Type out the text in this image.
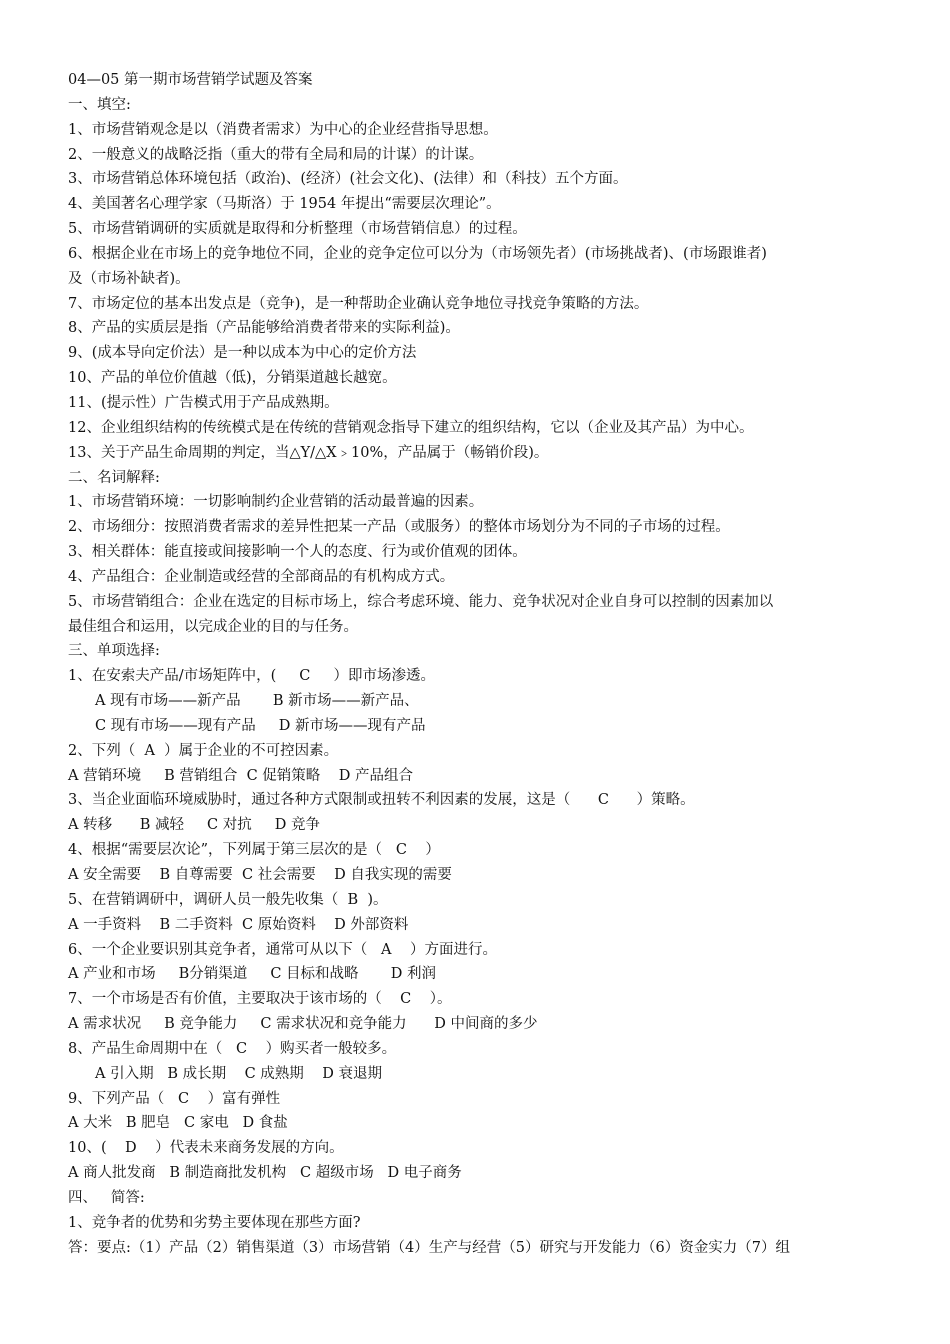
04—05 第一期市场营销学试题及答案
一、填空:
1、市场营销观念是以（消费者需求）为中心的企业经营指导思想。
2、一般意义的战略泛指（重大的带有全局和局的计谋）的计谋。
3、市场营销总体环境包括（政治)、(经济）(社会文化)、(法律）和（科技）五个方面。
4、美国著名心理学家（马斯洛）于 1954 年提出“需要层次理论”。
5、市场营销调研的实质就是取得和分析整理（市场营销信息）的过程。
6、根据企业在市场上的竞争地位不同，企业的竞争定位可以分为（市场领先者）(市场挑战者)、(市场跟谁者)
及（市场补缺者)。
7、市场定位的基本出发点是（竞争)，是一种帮助企业确认竞争地位寻找竞争策略的方法。
8、产品的实质层是指（产品能够给消费者带来的实际利益)。
9、(成本导向定价法）是一种以成本为中心的定价方法
10、产品的单位价值越（低)，分销渠道越长越宽。
11、(提示性）广告模式用于产品成熟期。
12、企业组织结构的传统模式是在传统的营销观念指导下建立的组织结构，它以（企业及其产品）为中心。
13、关于产品生命周期的判定，当△Y/△X﹥10%，产品属于（畅销价段)。
二、名词解释:
1、市场营销环境：一切影响制约企业营销的活动最普遍的因素。
2、市场细分：按照消费者需求的差异性把某一产品（或服务）的整体市场划分为不同的子市场的过程。
3、相关群体：能直接或间接影响一个人的态度、行为或价值观的团体。
4、产品组合：企业制造或经营的全部商品的有机构成方式。
5、市场营销组合：企业在选定的目标市场上，综合考虑环境、能力、竞争状况对企业自身可以控制的因素加以
最佳组合和运用，以完成企业的目的与任务。
三、单项选择:
1、在安索夫产品/市场矩阵中，(     C     ）即市场渗透。
A 现有市场——新产品       B 新市场——新产品、
C 现有市场——现有产品     D 新市场——现有产品
2、下列（  A  ）属于企业的不可控因素。
A 营销环境     B 营销组合  C 促销策略    D 产品组合
3、当企业面临环境威胁时，通过各种方式限制或扭转不利因素的发展，这是（      C      ）策略。
A 转移      B 减轻     C 对抗     D 竞争
4、根据“需要层次论”，下列属于第三层次的是（   C    ）
A 安全需要    B 自尊需要  C 社会需要    D 自我实现的需要
5、在营销调研中，调研人员一般先收集（  B  )。
A 一手资料    B 二手资料  C 原始资料    D 外部资料
6、一个企业要识别其竞争者，通常可从以下（   A    ）方面进行。
A 产业和市场     B分销渠道     C 目标和战略       D 利润
7、一个市场是否有价值，主要取决于该市场的（    C    ）。
A 需求状况     B 竞争能力     C 需求状况和竞争能力      D 中间商的多少
8、产品生命周期中在（   C    ）购买者一般较多。
A 引入期   B 成长期    C 成熟期    D 衰退期
9、下列产品（   C    ）富有弹性
A 大米   B 肥皂   C 家电   D 食盐
10、(    D    ）代表未来商务发展的方向。
A 商人批发商   B 制造商批发机构   C 超级市场   D 电子商务
四、   简答:
1、竞争者的优势和劣势主要体现在那些方面?
答：要点:（1）产品（2）销售渠道（3）市场营销（4）生产与经营（5）研究与开发能力（6）资金实力（7）组
